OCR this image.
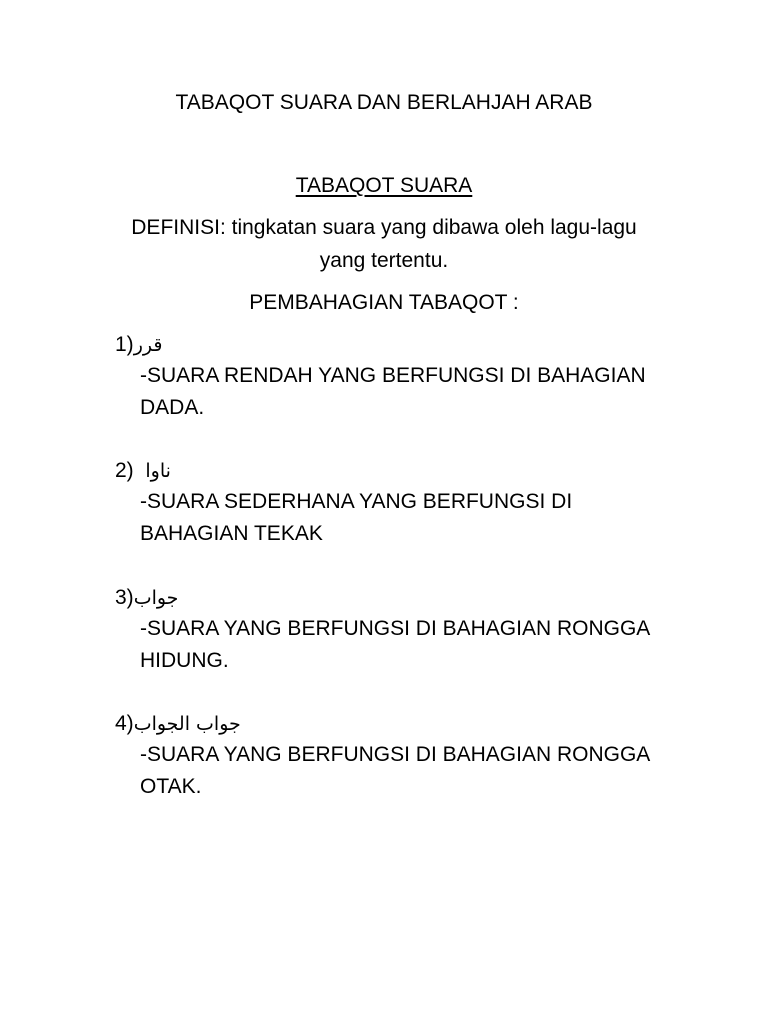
TABAQOT SUARA DAN BERLAHJAH ARAB
TABAQOT SUARA
DEFINISI: tingkatan suara yang dibawa oleh lagu-lagu
yang tertentu.
PEMBAHAGIAN TABAQOT :
1)قرر
-SUARA RENDAH YANG BERFUNGSI DI BAHAGIAN
DADA.
2) ناوا
-SUARA SEDERHANA YANG BERFUNGSI DI
BAHAGIAN TEKAK
3)جواب
-SUARA YANG BERFUNGSI DI BAHAGIAN RONGGA
HIDUNG.
4)جواب الجواب
-SUARA YANG BERFUNGSI DI BAHAGIAN RONGGA
OTAK.
